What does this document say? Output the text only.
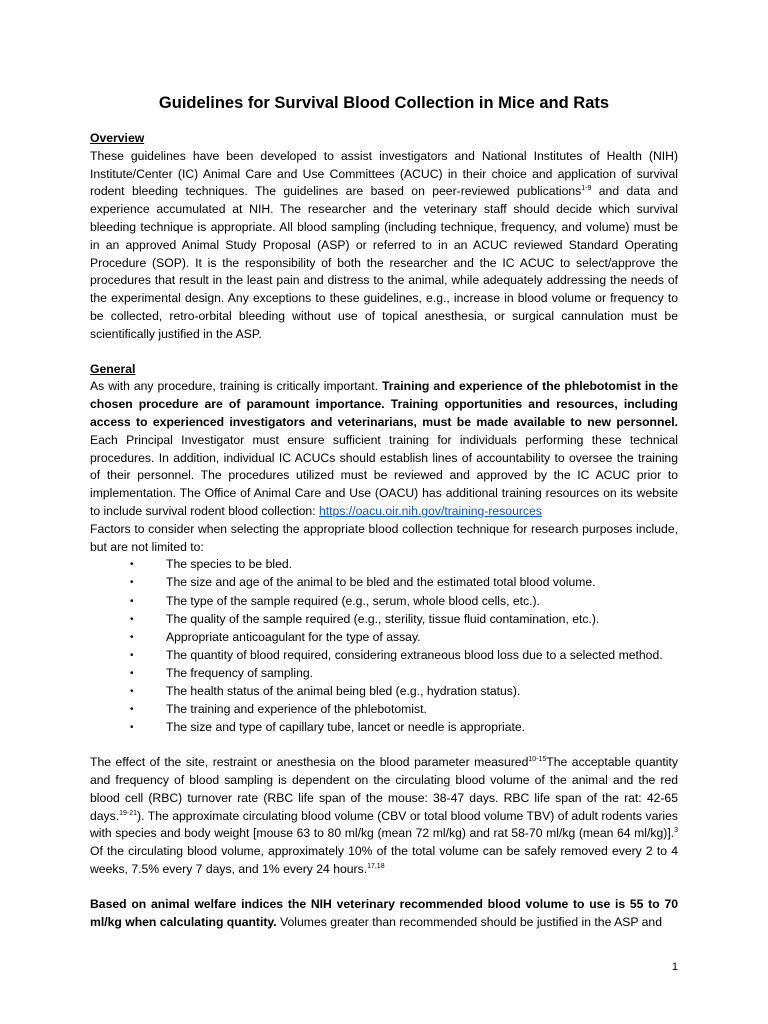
Guidelines for Survival Blood Collection in Mice and Rats
Overview

These guidelines have been developed to assist investigators and National Institutes of Health (NIH) Institute/Center (IC) Animal Care and Use Committees (ACUC) in their choice and application of survival rodent bleeding techniques. The guidelines are based on peer-reviewed publications$^{1-9}$ and data and experience accumulated at NIH. The researcher and the veterinary staff should decide which survival bleeding technique is appropriate. All blood sampling (including technique, frequency, and volume) must be in an approved Animal Study Proposal (ASP) or referred to in an ACUC reviewed Standard Operating Procedure (SOP). It is the responsibility of both the researcher and the IC ACUC to select/approve the procedures that result in the least pain and distress to the animal, while adequately addressing the needs of the experimental design. Any exceptions to these guidelines, e.g., increase in blood volume or frequency to be collected, retro-orbital bleeding without use of topical anesthesia, or surgical cannulation must be scientifically justified in the ASP.

General

As with any procedure, training is critically important. Training and experience of the phlebotomist in the chosen procedure are of paramount importance. Training opportunities and resources, including access to experienced investigators and veterinarians, must be made available to new personnel. Each Principal Investigator must ensure sufficient training for individuals performing these technical procedures. In addition, individual IC ACUCs should establish lines of accountability to oversee the training of their personnel. The procedures utilized must be reviewed and approved by the IC ACUC prior to implementation. The Office of Animal Care and Use (OACU) has additional training resources on its website to include survival rodent blood collection: https://oacu.oir.nih.gov/training-resources

Factors to consider when selecting the appropriate blood collection technique for research purposes include, but are not limited to:

•	The species to be bled.
•	The size and age of the animal to be bled and the estimated total blood volume.
•	The type of the sample required (e.g., serum, whole blood cells, etc.).
•	The quality of the sample required (e.g., sterility, tissue fluid contamination, etc.).
•	Appropriate anticoagulant for the type of assay.
•	The quantity of blood required, considering extraneous blood loss due to a selected method.
•	The frequency of sampling.
•	The health status of the animal being bled (e.g., hydration status).
•	The training and experience of the phlebotomist.
•	The size and type of capillary tube, lancet or needle is appropriate.

The effect of the site, restraint or anesthesia on the blood parameter measured$^{10-15}$The acceptable quantity and frequency of blood sampling is dependent on the circulating blood volume of the animal and the red blood cell (RBC) turnover rate (RBC life span of the mouse: 38-47 days. RBC life span of the rat: 42-65 days.$^{19-21}$). The approximate circulating blood volume (CBV or total blood volume TBV) of adult rodents varies with species and body weight [mouse 63 to 80 ml/kg (mean 72 ml/kg) and rat 58-70 ml/kg (mean 64 ml/kg)].$^3$ Of the circulating blood volume, approximately 10% of the total volume can be safely removed every 2 to 4 weeks, 7.5% every 7 days, and 1% every 24 hours.$^{17,18}$

Based on animal welfare indices the NIH veterinary recommended blood volume to use is 55 to 70 ml/kg when calculating quantity. Volumes greater than recommended should be justified in the ASP and

1
